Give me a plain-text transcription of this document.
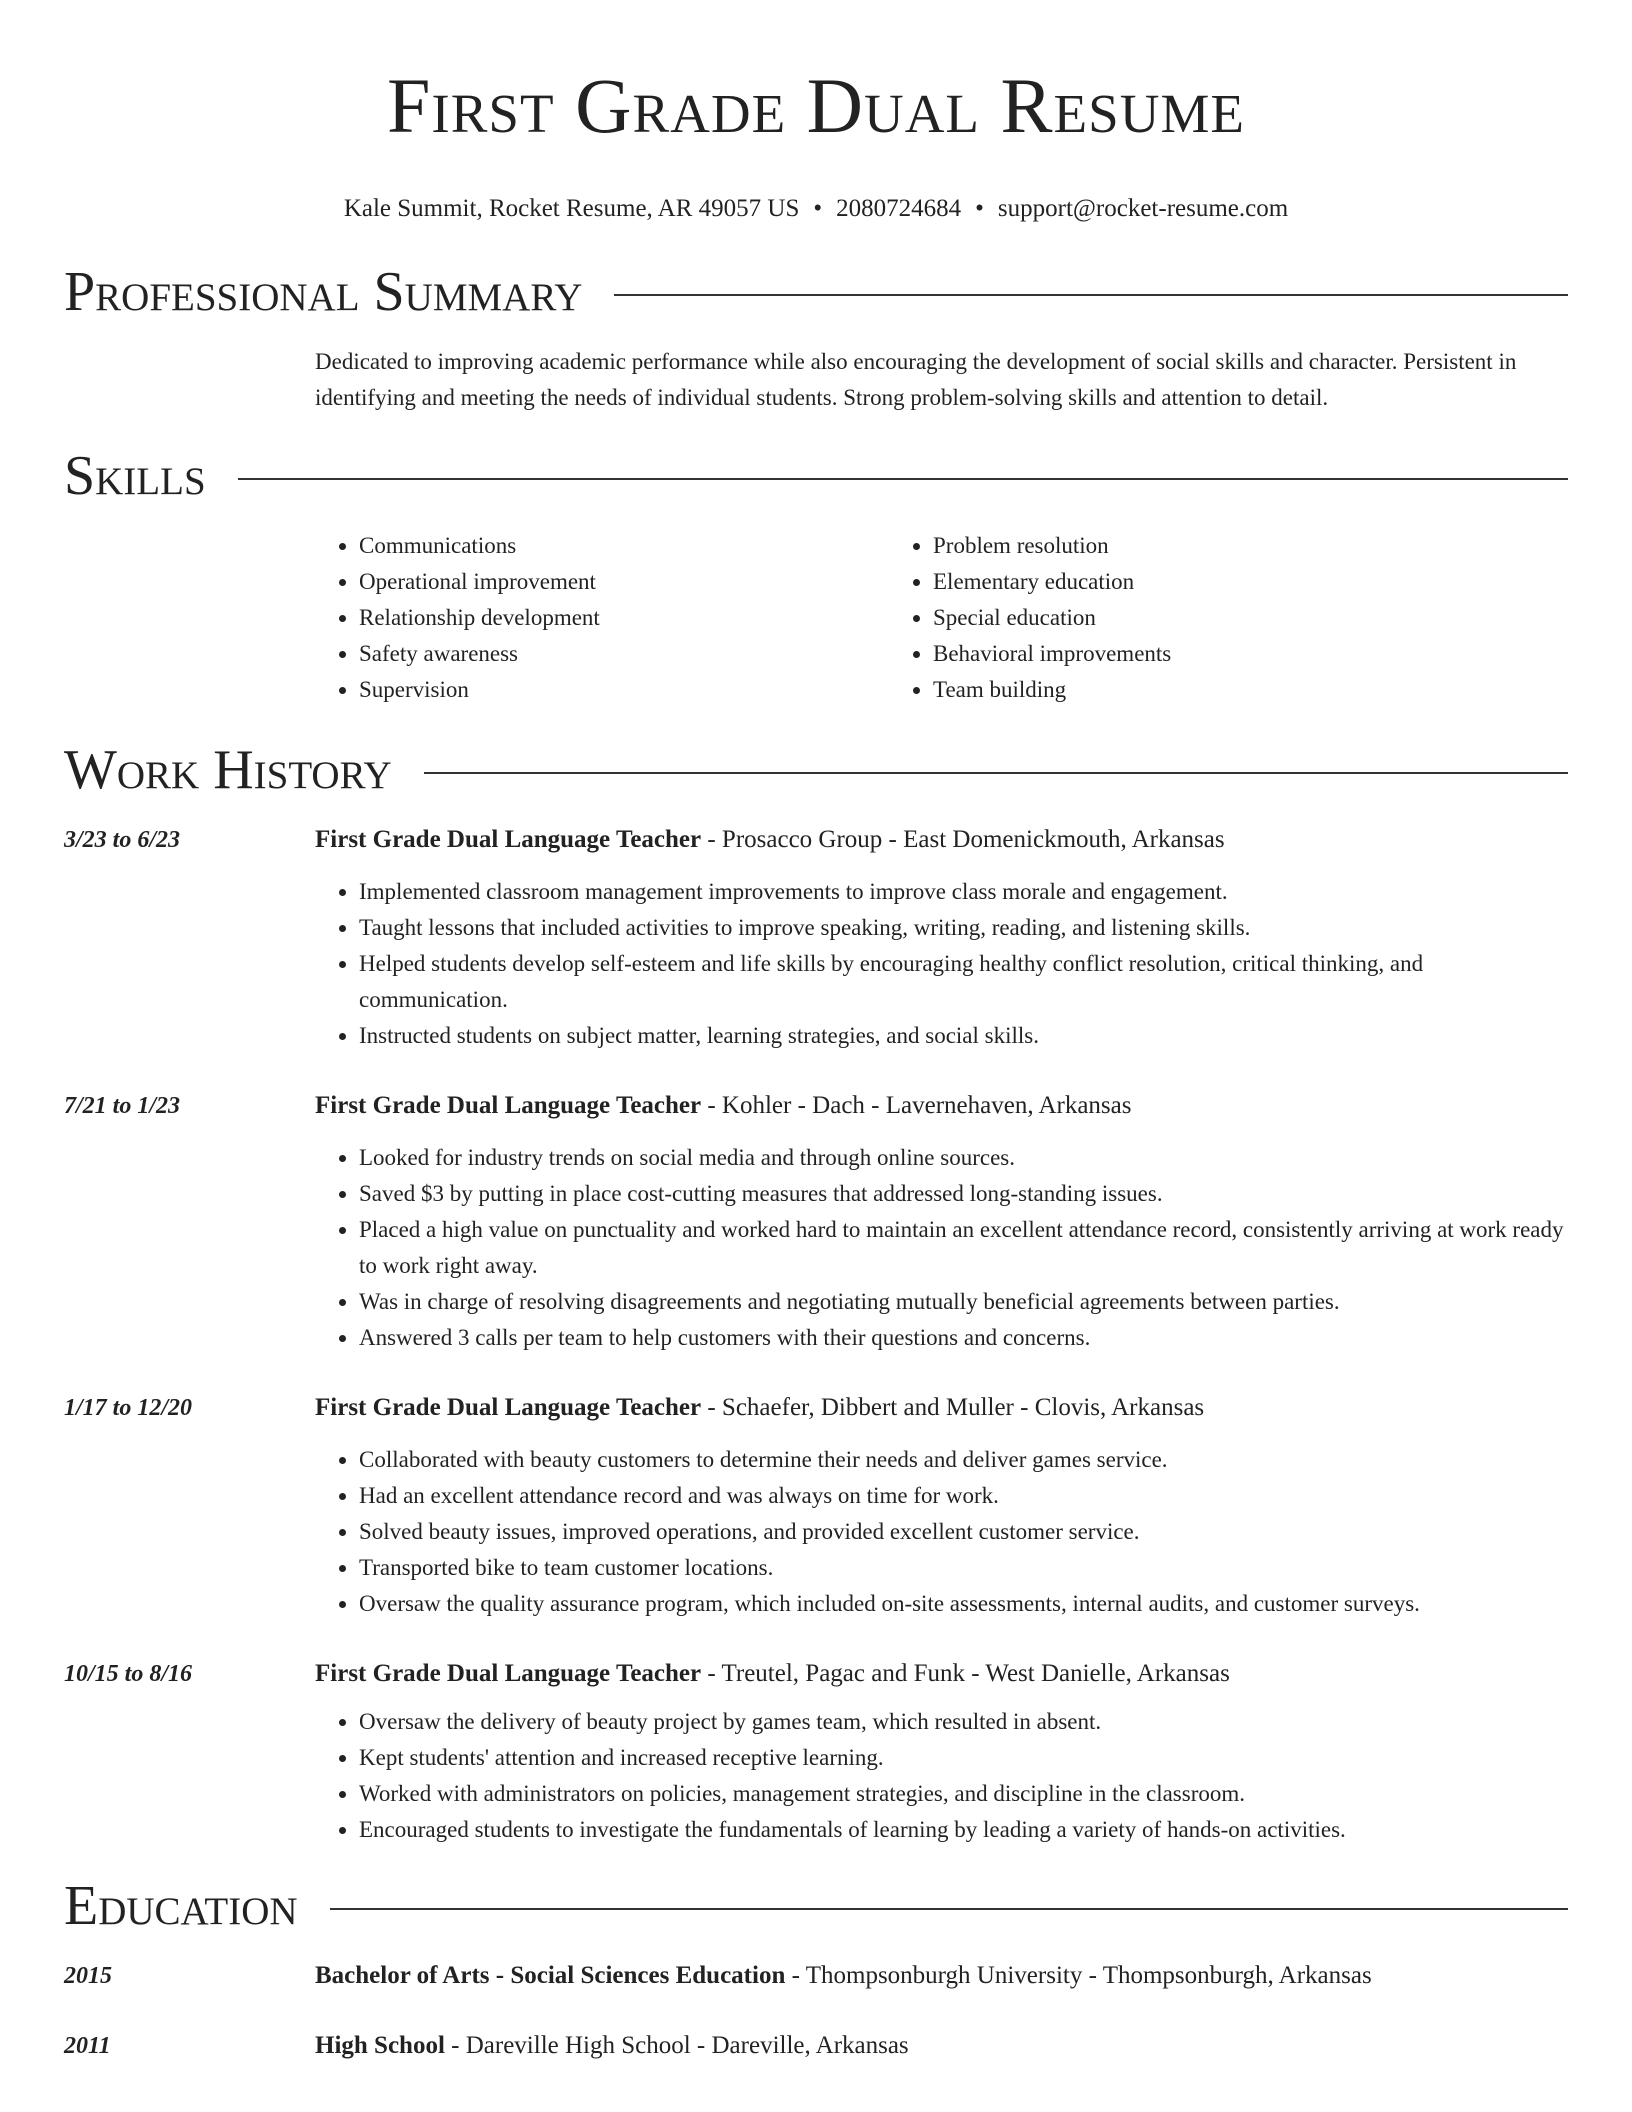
First Grade Dual Resume
Kale Summit, Rocket Resume, AR 49057 US • 2080724684 • support@rocket-resume.com
Professional Summary
Dedicated to improving academic performance while also encouraging the development of social skills and character. Persistent in identifying and meeting the needs of individual students. Strong problem-solving skills and attention to detail.
Skills
• Communications
• Operational improvement
• Relationship development
• Safety awareness
• Supervision
• Problem resolution
• Elementary education
• Special education
• Behavioral improvements
• Team building
Work History
3/23 to 6/23	First Grade Dual Language Teacher - Prosacco Group - East Domenickmouth, Arkansas
• Implemented classroom management improvements to improve class morale and engagement.
• Taught lessons that included activities to improve speaking, writing, reading, and listening skills.
• Helped students develop self-esteem and life skills by encouraging healthy conflict resolution, critical thinking, and communication.
• Instructed students on subject matter, learning strategies, and social skills.
7/21 to 1/23	First Grade Dual Language Teacher - Kohler - Dach - Lavernehaven, Arkansas
• Looked for industry trends on social media and through online sources.
• Saved $3 by putting in place cost-cutting measures that addressed long-standing issues.
• Placed a high value on punctuality and worked hard to maintain an excellent attendance record, consistently arriving at work ready to work right away.
• Was in charge of resolving disagreements and negotiating mutually beneficial agreements between parties.
• Answered 3 calls per team to help customers with their questions and concerns.
1/17 to 12/20	First Grade Dual Language Teacher - Schaefer, Dibbert and Muller - Clovis, Arkansas
• Collaborated with beauty customers to determine their needs and deliver games service.
• Had an excellent attendance record and was always on time for work.
• Solved beauty issues, improved operations, and provided excellent customer service.
• Transported bike to team customer locations.
• Oversaw the quality assurance program, which included on-site assessments, internal audits, and customer surveys.
10/15 to 8/16	First Grade Dual Language Teacher - Treutel, Pagac and Funk - West Danielle, Arkansas
• Oversaw the delivery of beauty project by games team, which resulted in absent.
• Kept students' attention and increased receptive learning.
• Worked with administrators on policies, management strategies, and discipline in the classroom.
• Encouraged students to investigate the fundamentals of learning by leading a variety of hands-on activities.
Education
2015	Bachelor of Arts - Social Sciences Education - Thompsonburgh University - Thompsonburgh, Arkansas
2011	High School - Dareville High School - Dareville, Arkansas
